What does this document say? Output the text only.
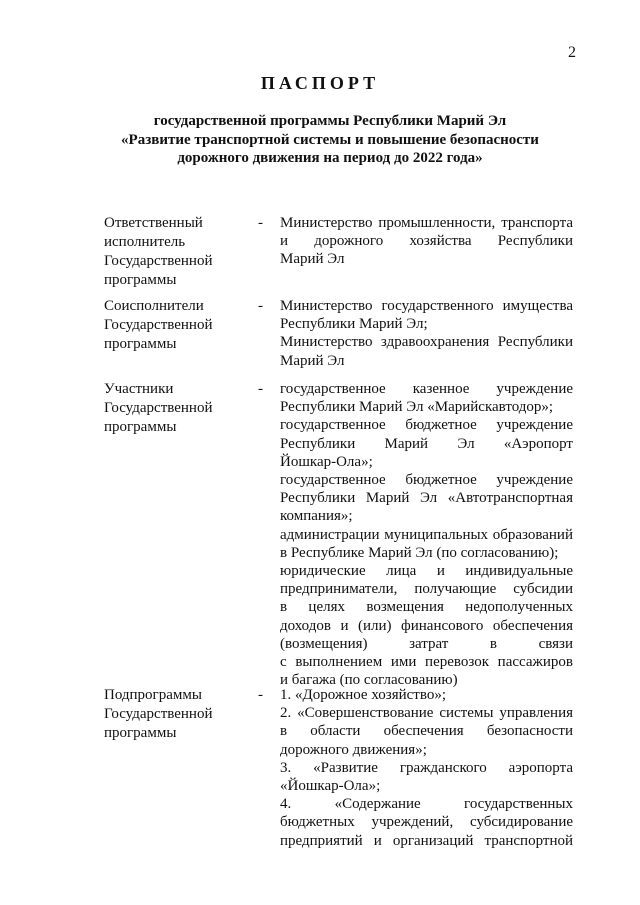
2
ПАСПОРТ
государственной программы Республики Марий Эл
«Развитие транспортной системы и повышение безопасности
дорожного движения на период до 2022 года»
Ответственный
исполнитель
Государственной
программы
- Министерство промышленности, транспорта
и дорожного хозяйства Республики
Марий Эл
Соисполнители
Государственной
программы
- Министерство государственного имущества
Республики Марий Эл;
Министерство здравоохранения Республики
Марий Эл
Участники
Государственной
программы
- государственное казенное учреждение
Республики Марий Эл «Марийскавтодор»;
государственное бюджетное учреждение
Республики Марий Эл «Аэропорт
Йошкар-Ола»;
государственное бюджетное учреждение
Республики Марий Эл «Автотранспортная
компания»;
администрации муниципальных образований
в Республике Марий Эл (по согласованию);
юридические лица и индивидуальные
предприниматели, получающие субсидии
в целях возмещения недополученных
доходов и (или) финансового обеспечения
(возмещения) затрат в связи
с выполнением ими перевозок пассажиров
и багажа (по согласованию)
Подпрограммы
Государственной
программы
- 1. «Дорожное хозяйство»;
2. «Совершенствование системы управления
в области обеспечения безопасности
дорожного движения»;
3. «Развитие гражданского аэропорта
«Йошкар-Ола»;
4. «Содержание государственных
бюджетных учреждений, субсидирование
предприятий и организаций транспортной
